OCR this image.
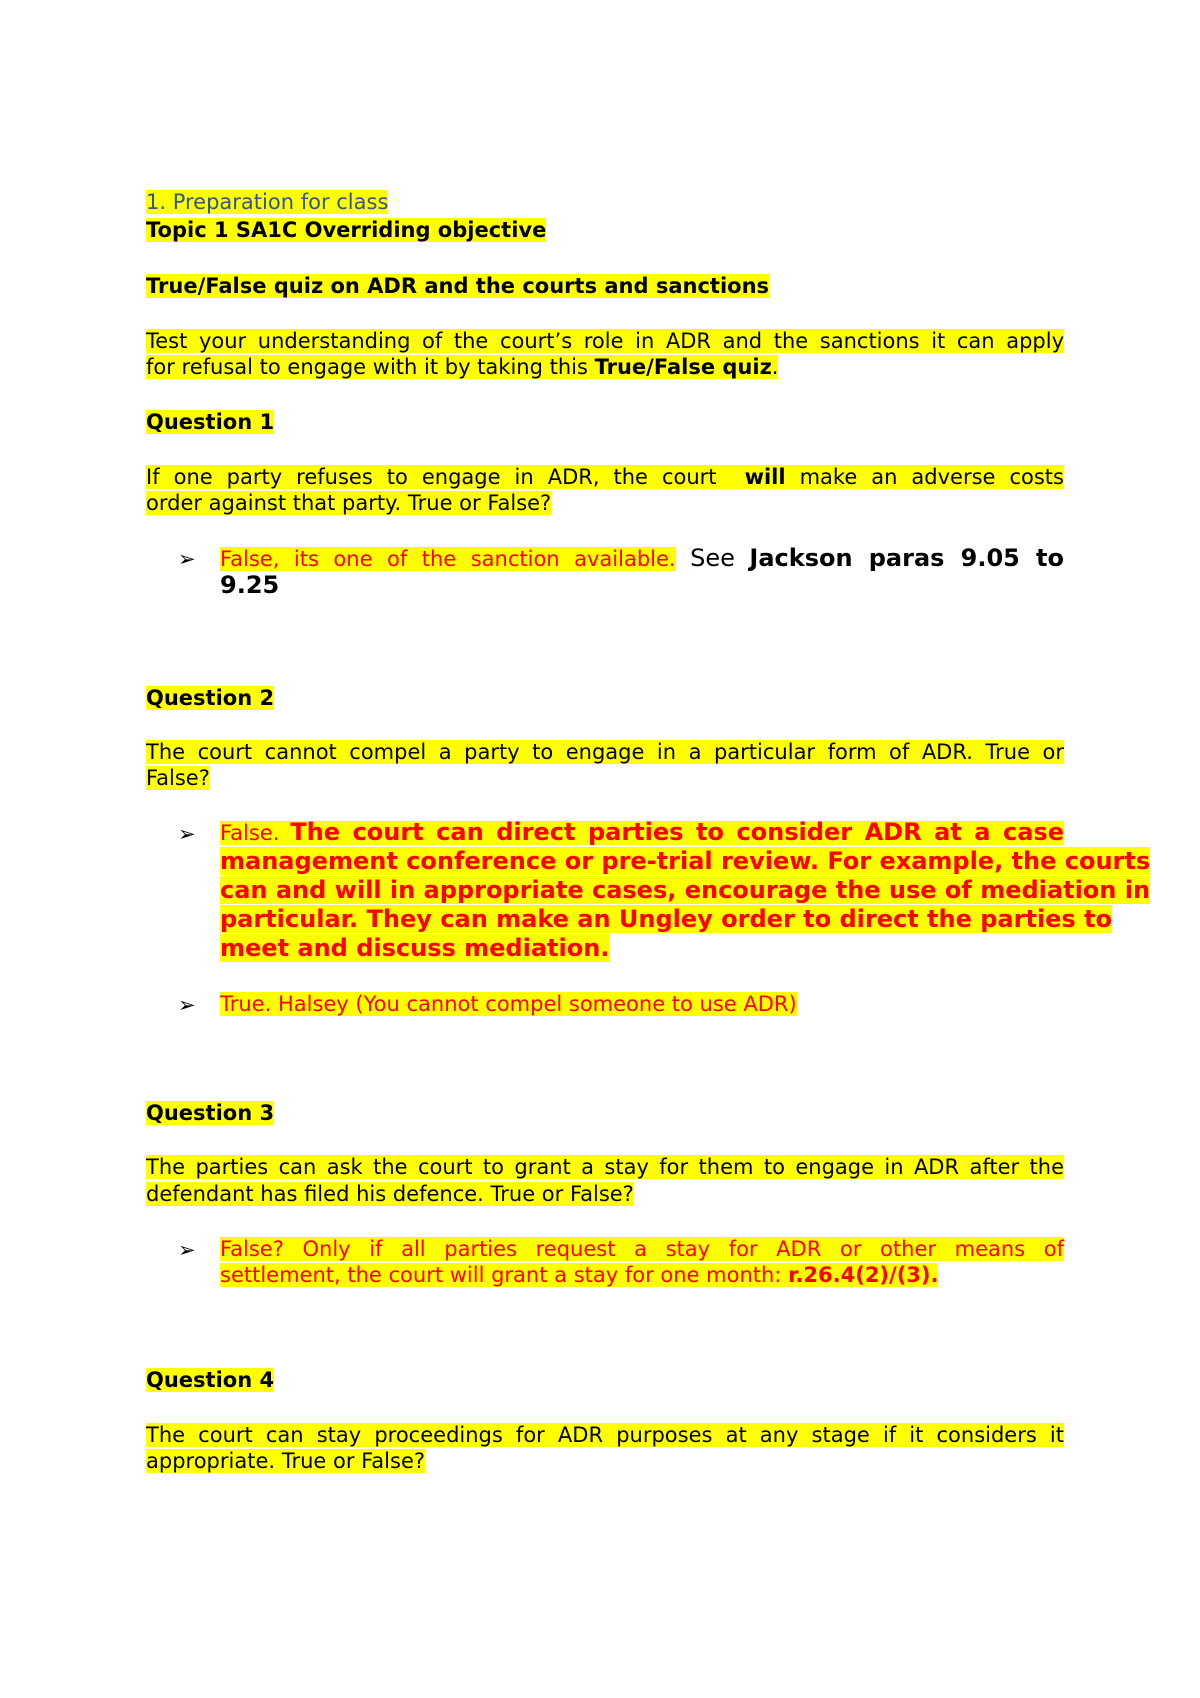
1. Preparation for class
Topic 1 SA1C Overriding objective
True/False quiz on ADR and the courts and sanctions
Test your understanding of the court’s role in ADR and the sanctions it can apply
for refusal to engage with it by taking this True/False quiz.
Question 1
If one party refuses to engage in ADR, the court will make an adverse costs
order against that party. True or False?
➢	False, its one of the sanction available. See Jackson paras 9.05 to
9.25
Question 2
The court cannot compel a party to engage in a particular form of ADR. True or
False?
➢	False. The court can direct parties to consider ADR at a case
management conference or pre-trial review. For example, the courts
can and will in appropriate cases, encourage the use of mediation in
particular. They can make an Ungley order to direct the parties to
meet and discuss mediation.
➢	True. Halsey (You cannot compel someone to use ADR)
Question 3
The parties can ask the court to grant a stay for them to engage in ADR after the
defendant has filed his defence. True or False?
➢	False? Only if all parties request a stay for ADR or other means of
settlement, the court will grant a stay for one month: r.26.4(2)/(3).
Question 4
The court can stay proceedings for ADR purposes at any stage if it considers it
appropriate. True or False?
